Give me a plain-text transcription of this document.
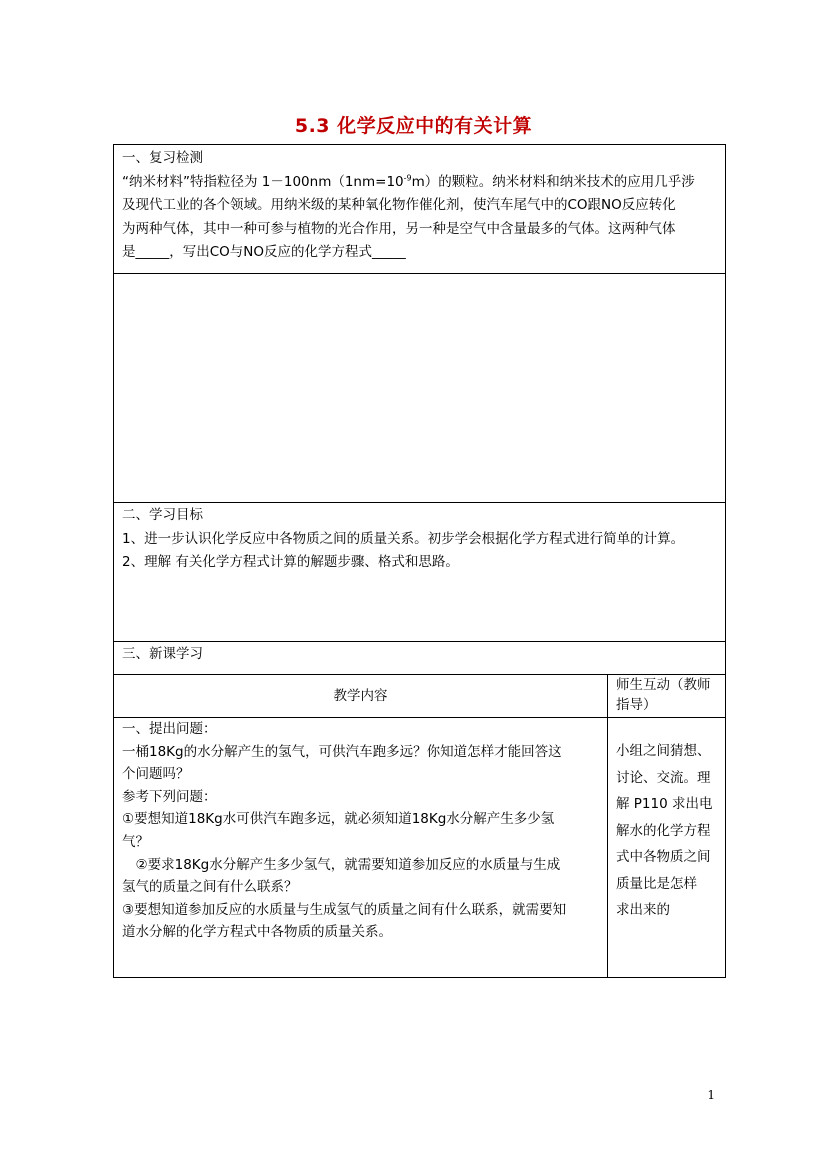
5.3 化学反应中的有关计算
一、复习检测
“纳米材料”特指粒径为 $1-100nm(1nm=10^{-9}m)$的颗粒。纳米材料和纳米技术的应用几乎涉
及现代工业的各个领域。用纳米级的某种氧化物作催化剂，使汽车尾气中的CO跟NO反应转化
为两种气体，其中一种可参与植物的光合作用，另一种是空气中含量最多的气体。这两种气体
是_____，写出CO与NO反应的化学方程式_____
二、学习目标
1、进一步认识化学反应中各物质之间的质量关系。初步学会根据化学方程式进行简单的计算。
2、理解 有关化学方程式计算的解题步骤、格式和思路。
三、新课学习
教学内容
师生互动（教师
指导）
一、提出问题：
一桶18Kg的水分解产生的氢气，可供汽车跑多远？你知道怎样才能回答这
个问题吗？
参考下列问题：
①要想知道18Kg水可供汽车跑多远，就必须知道18Kg水分解产生多少氢
气？
　②要求18Kg水分解产生多少氢气，就需要知道参加反应的水质量与生成
氢气的质量之间有什么联系？
③要想知道参加反应的水质量与生成氢气的质量之间有什么联系，就需要知
道水分解的化学方程式中各物质的质量关系。
小组之间猜想、
讨论、交流。理
解 P110 求出电
解水的化学方程
式中各物质之间
质量比是怎样
求出来的
1
